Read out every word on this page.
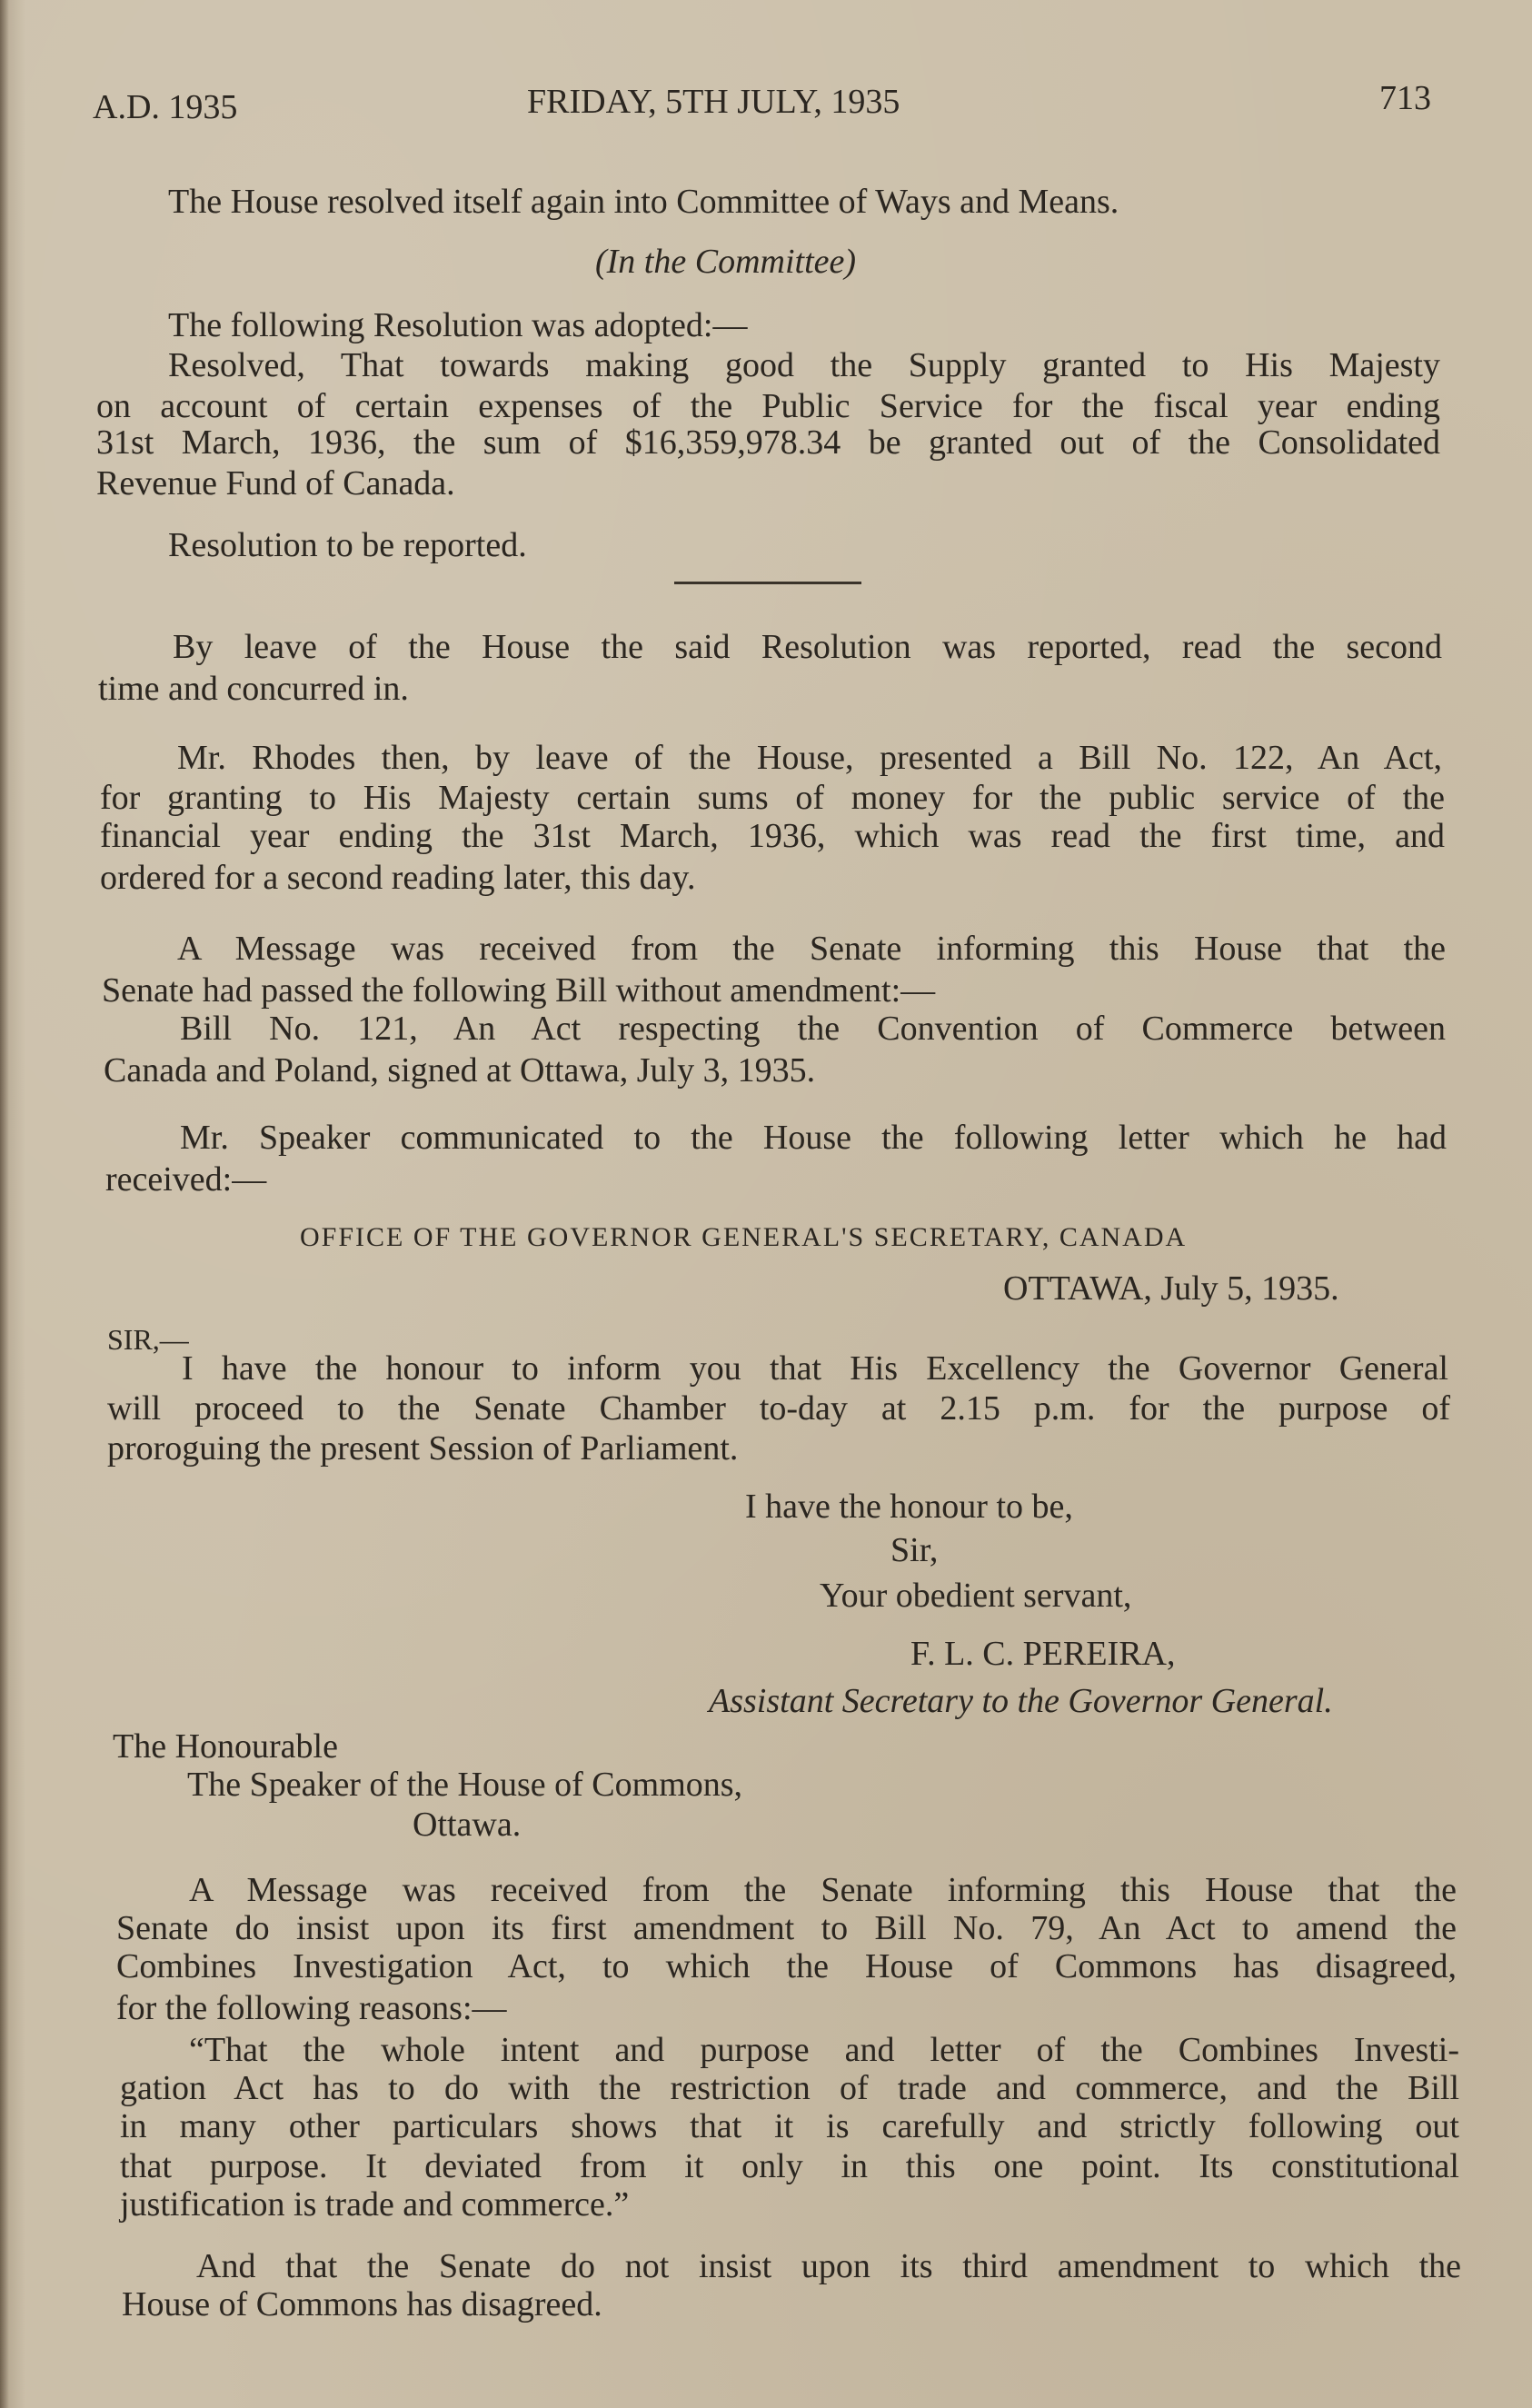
A.D. 1935	FRIDAY, 5TH JULY, 1935	713
The House resolved itself again into Committee of Ways and Means.
(In the Committee)
The following Resolution was adopted:—
Resolved, That towards making good the Supply granted to His Majesty
on account of certain expenses of the Public Service for the fiscal year ending
31st March, 1936, the sum of $16,359,978.34 be granted out of the Consolidated
Revenue Fund of Canada.
Resolution to be reported.
By leave of the House the said Resolution was reported, read the second
time and concurred in.
Mr. Rhodes then, by leave of the House, presented a Bill No. 122, An Act,
for granting to His Majesty certain sums of money for the public service of the
financial year ending the 31st March, 1936, which was read the first time, and
ordered for a second reading later, this day.
A Message was received from the Senate informing this House that the
Senate had passed the following Bill without amendment:—
Bill No. 121, An Act respecting the Convention of Commerce between
Canada and Poland, signed at Ottawa, July 3, 1935.
Mr. Speaker communicated to the House the following letter which he had
received:—
OFFICE OF THE GOVERNOR GENERAL'S SECRETARY, CANADA
OTTAWA, July 5, 1935.
SIR,—
I have the honour to inform you that His Excellency the Governor General
will proceed to the Senate Chamber to-day at 2.15 p.m. for the purpose of
proroguing the present Session of Parliament.
I have the honour to be,
Sir,
Your obedient servant,
F. L. C. PEREIRA,
Assistant Secretary to the Governor General.
The Honourable
The Speaker of the House of Commons,
Ottawa.
A Message was received from the Senate informing this House that the
Senate do insist upon its first amendment to Bill No. 79, An Act to amend the
Combines Investigation Act, to which the House of Commons has disagreed,
for the following reasons:—
“That the whole intent and purpose and letter of the Combines Investi-
gation Act has to do with the restriction of trade and commerce, and the Bill
in many other particulars shows that it is carefully and strictly following out
that purpose. It deviated from it only in this one point. Its constitutional
justification is trade and commerce.”
And that the Senate do not insist upon its third amendment to which the
House of Commons has disagreed.
